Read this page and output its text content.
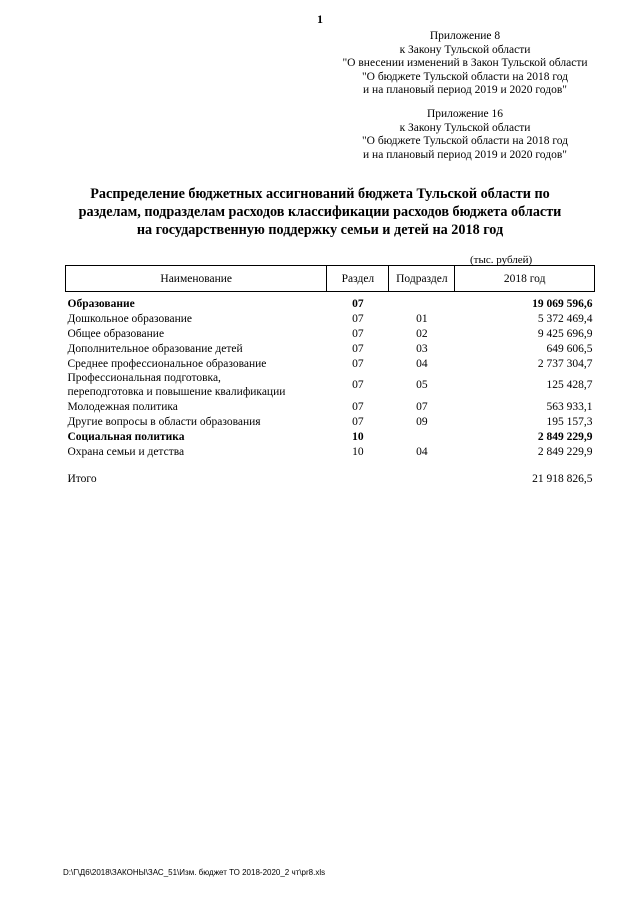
1
Приложение 8
к Закону Тульской области
"О внесении изменений в Закон Тульской области
"О бюджете Тульской области на 2018 год
и на плановый период 2019 и 2020 годов"
Приложение 16
к Закону Тульской области
"О бюджете Тульской области на 2018 год
и на плановый период 2019 и 2020 годов"
Распределение бюджетных ассигнований бюджета Тульской области по
разделам, подразделам расходов классификации расходов бюджета области
на государственную поддержку семьи и детей на 2018 год
(тыс. рублей)
Наименование	Раздел	Подраздел	2018 год
Образование	07		19 069 596,6
Дошкольное образование	07	01	5 372 469,4
Общее образование	07	02	9 425 696,9
Дополнительное образование детей	07	03	649 606,5
Среднее профессиональное образование	07	04	2 737 304,7

Профессиональная подготовка,
переподготовка и повышение квалификации	07	05	125 428,7
Молодежная политика	07	07	563 933,1
Другие вопросы в области образования	07	09	195 157,3
Социальная политика	10		2 849 229,9
Охрана семьи и детства	10	04	2 849 229,9
Итого			21 918 826,5
D:\Г\Д6\2018\ЗАКОНЫ\ЗАС_51\Изм. бюджет ТО 2018-2020_2 чт\pr8.xls
